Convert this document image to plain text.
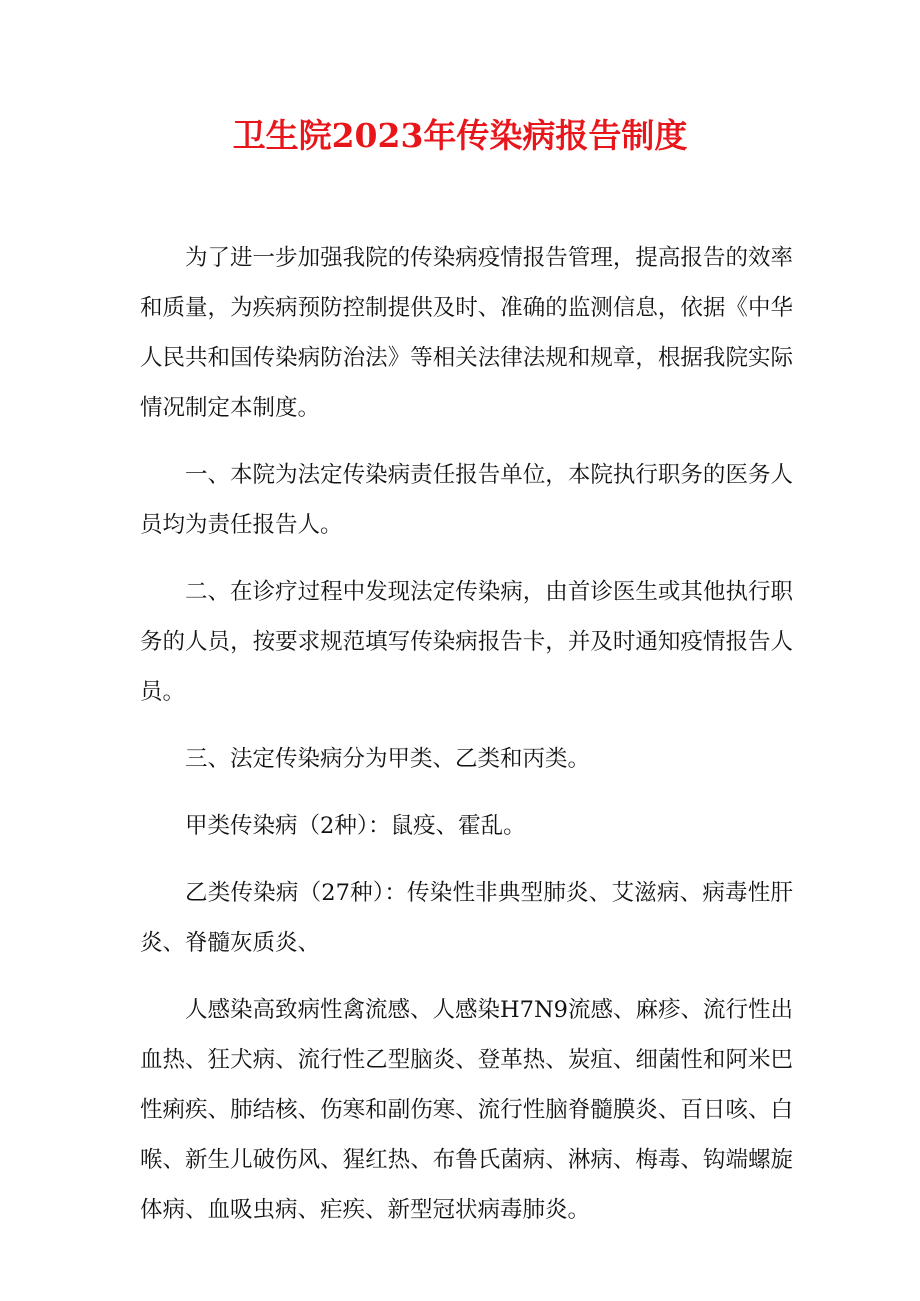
卫生院2023年传染病报告制度

为了进一步加强我院的传染病疫情报告管理，提高报告的效率和质量，为疾病预防控制提供及时、准确的监测信息，依据《中华人民共和国传染病防治法》等相关法律法规和规章，根据我院实际情况制定本制度。

一、本院为法定传染病责任报告单位，本院执行职务的医务人员均为责任报告人。

二、在诊疗过程中发现法定传染病，由首诊医生或其他执行职务的人员，按要求规范填写传染病报告卡，并及时通知疫情报告人员。

三、法定传染病分为甲类、乙类和丙类。

甲类传染病（2种）：鼠疫、霍乱。

乙类传染病（27种）：传染性非典型肺炎、艾滋病、病毒性肝炎、脊髓灰质炎、

人感染高致病性禽流感、人感染H7N9流感、麻疹、流行性出血热、狂犬病、流行性乙型脑炎、登革热、炭疽、细菌性和阿米巴性痢疾、肺结核、伤寒和副伤寒、流行性脑脊髓膜炎、百日咳、白喉、新生儿破伤风、猩红热、布鲁氏菌病、淋病、梅毒、钩端螺旋体病、血吸虫病、疟疾、新型冠状病毒肺炎。
